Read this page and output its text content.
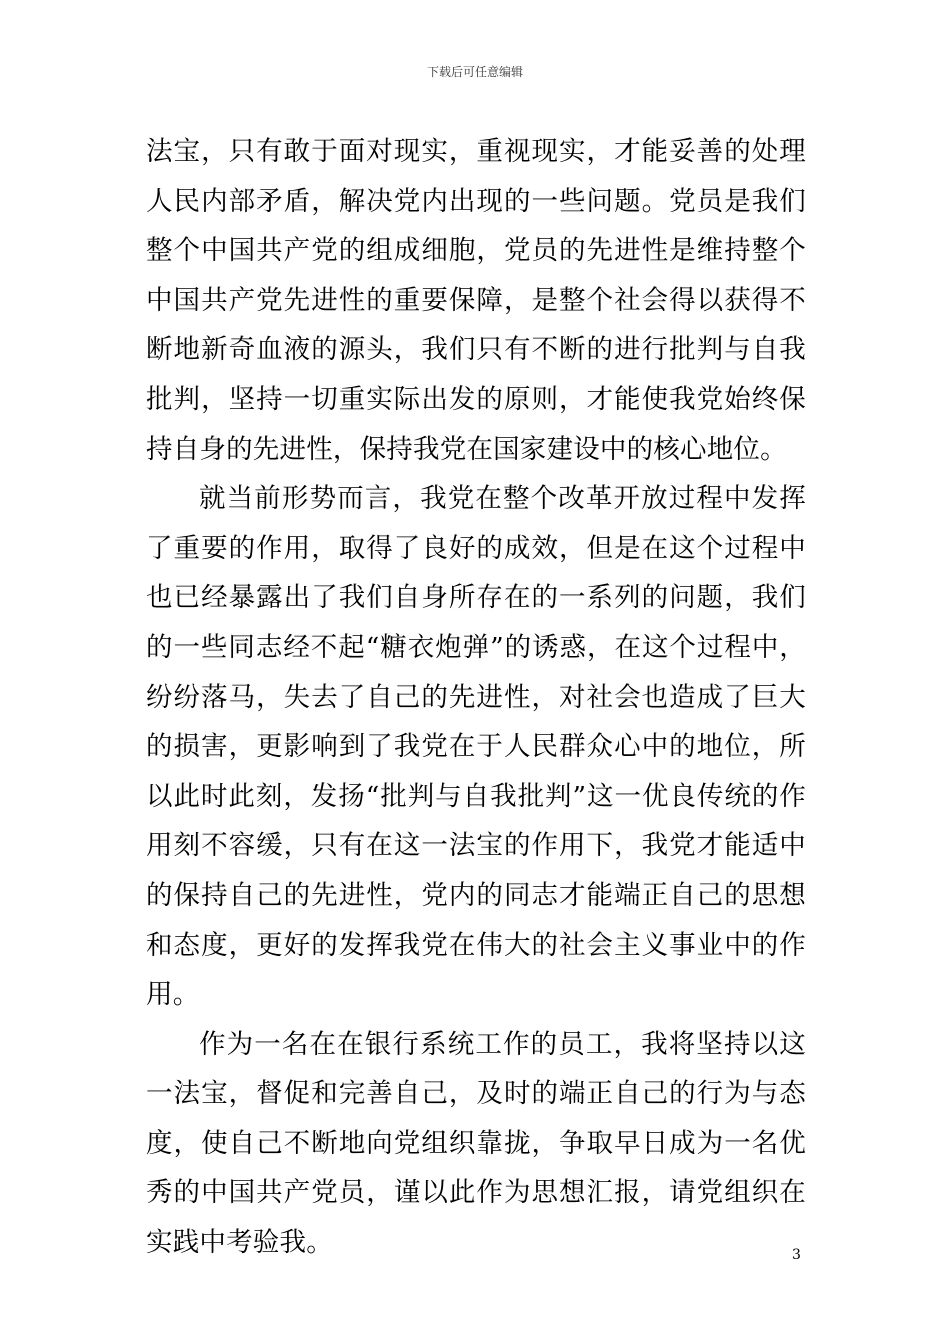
下载后可任意编辑

法宝，只有敢于面对现实，重视现实，才能妥善的处理人民内部矛盾，解决党内出现的一些问题。党员是我们整个中国共产党的组成细胞，党员的先进性是维持整个中国共产党先进性的重要保障，是整个社会得以获得不断地新奇血液的源头，我们只有不断的进行批判与自我批判，坚持一切重实际出发的原则，才能使我党始终保持自身的先进性，保持我党在国家建设中的核心地位。

就当前形势而言，我党在整个改革开放过程中发挥了重要的作用，取得了良好的成效，但是在这个过程中也已经暴露出了我们自身所存在的一系列的问题，我们的一些同志经不起“糖衣炮弹”的诱惑，在这个过程中，纷纷落马，失去了自己的先进性，对社会也造成了巨大的损害，更影响到了我党在于人民群众心中的地位，所以此时此刻，发扬“批判与自我批判”这一优良传统的作用刻不容缓，只有在这一法宝的作用下，我党才能适中的保持自己的先进性，党内的同志才能端正自己的思想和态度，更好的发挥我党在伟大的社会主义事业中的作用。

作为一名在在银行系统工作的员工，我将坚持以这一法宝，督促和完善自己，及时的端正自己的行为与态度，使自己不断地向党组织靠拢，争取早日成为一名优秀的中国共产党员，谨以此作为思想汇报，请党组织在实践中考验我。	3
